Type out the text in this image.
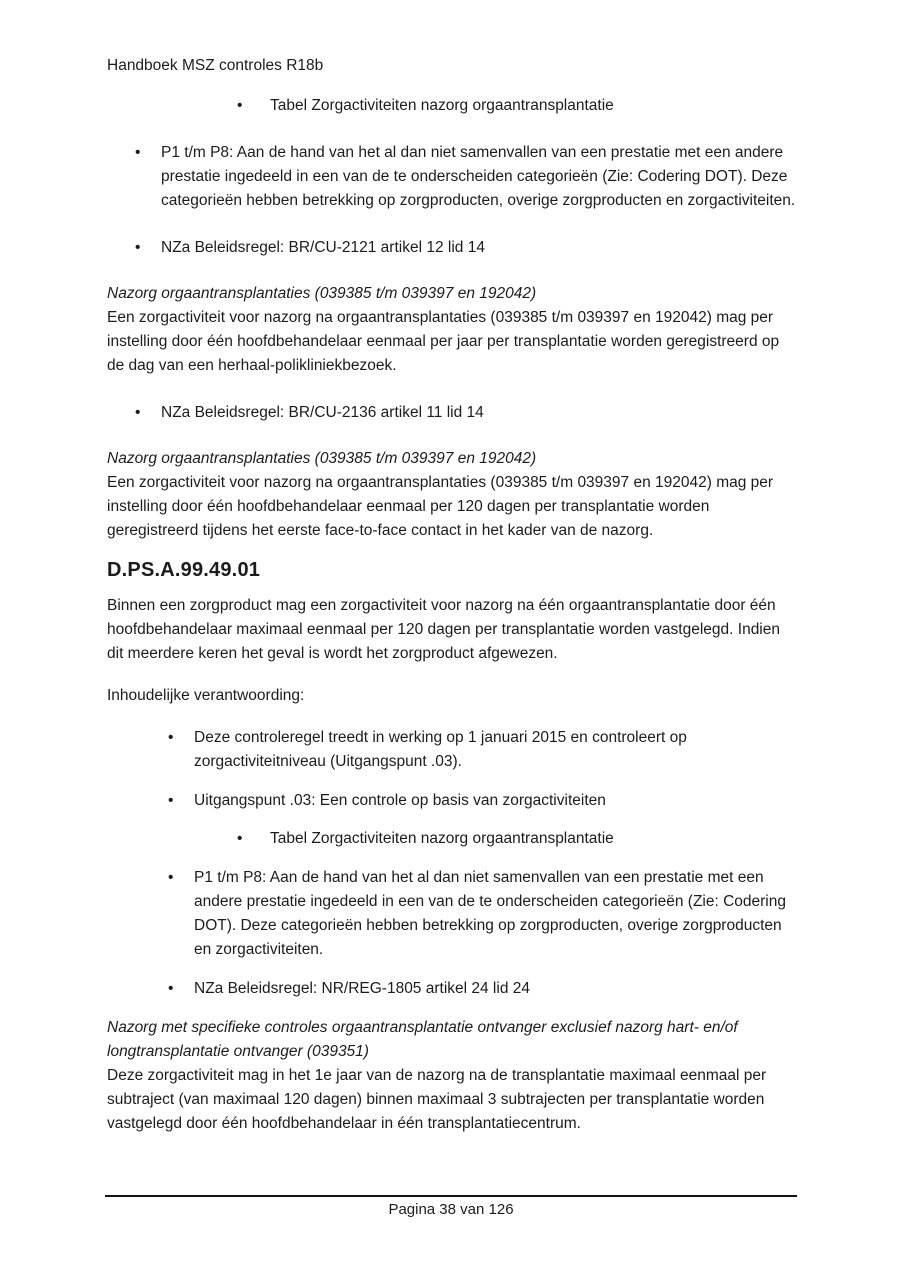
Handboek MSZ controles R18b
•	Tabel Zorgactiviteiten nazorg orgaantransplantatie
•	P1 t/m P8: Aan de hand van het al dan niet samenvallen van een prestatie met een andere prestatie ingedeeld in een van de te onderscheiden categorieën (Zie: Codering DOT). Deze categorieën hebben betrekking op zorgproducten, overige zorgproducten en zorgactiviteiten.
•	NZa Beleidsregel: BR/CU-2121 artikel 12 lid 14
Nazorg orgaantransplantaties (039385 t/m 039397 en 192042)
Een zorgactiviteit voor nazorg na orgaantransplantaties (039385 t/m 039397 en 192042) mag per instelling door één hoofdbehandelaar eenmaal per jaar per transplantatie worden geregistreerd op de dag van een herhaal-polikliniekbezoek.
•	NZa Beleidsregel: BR/CU-2136 artikel 11 lid 14
Nazorg orgaantransplantaties (039385 t/m 039397 en 192042)
Een zorgactiviteit voor nazorg na orgaantransplantaties (039385 t/m 039397 en 192042) mag per instelling door één hoofdbehandelaar eenmaal per 120 dagen per transplantatie worden geregistreerd tijdens het eerste face-to-face contact in het kader van de nazorg.
D.PS.A.99.49.01
Binnen een zorgproduct mag een zorgactiviteit voor nazorg na één orgaantransplantatie door één hoofdbehandelaar maximaal eenmaal per 120 dagen per transplantatie worden vastgelegd. Indien dit meerdere keren het geval is wordt het zorgproduct afgewezen.
Inhoudelijke verantwoording:
•	Deze controleregel treedt in werking op 1 januari 2015 en controleert op zorgactiviteitniveau (Uitgangspunt .03).
•	Uitgangspunt .03: Een controle op basis van zorgactiviteiten
•	Tabel Zorgactiviteiten nazorg orgaantransplantatie
•	P1 t/m P8: Aan de hand van het al dan niet samenvallen van een prestatie met een andere prestatie ingedeeld in een van de te onderscheiden categorieën (Zie: Codering DOT). Deze categorieën hebben betrekking op zorgproducten, overige zorgproducten en zorgactiviteiten.
•	NZa Beleidsregel: NR/REG-1805 artikel 24 lid 24
Nazorg met specifieke controles orgaantransplantatie ontvanger exclusief nazorg hart- en/of longtransplantatie ontvanger (039351)
Deze zorgactiviteit mag in het 1e jaar van de nazorg na de transplantatie maximaal eenmaal per subtraject (van maximaal 120 dagen) binnen maximaal 3 subtrajecten per transplantatie worden vastgelegd door één hoofdbehandelaar in één transplantatiecentrum.
Pagina 38 van 126
